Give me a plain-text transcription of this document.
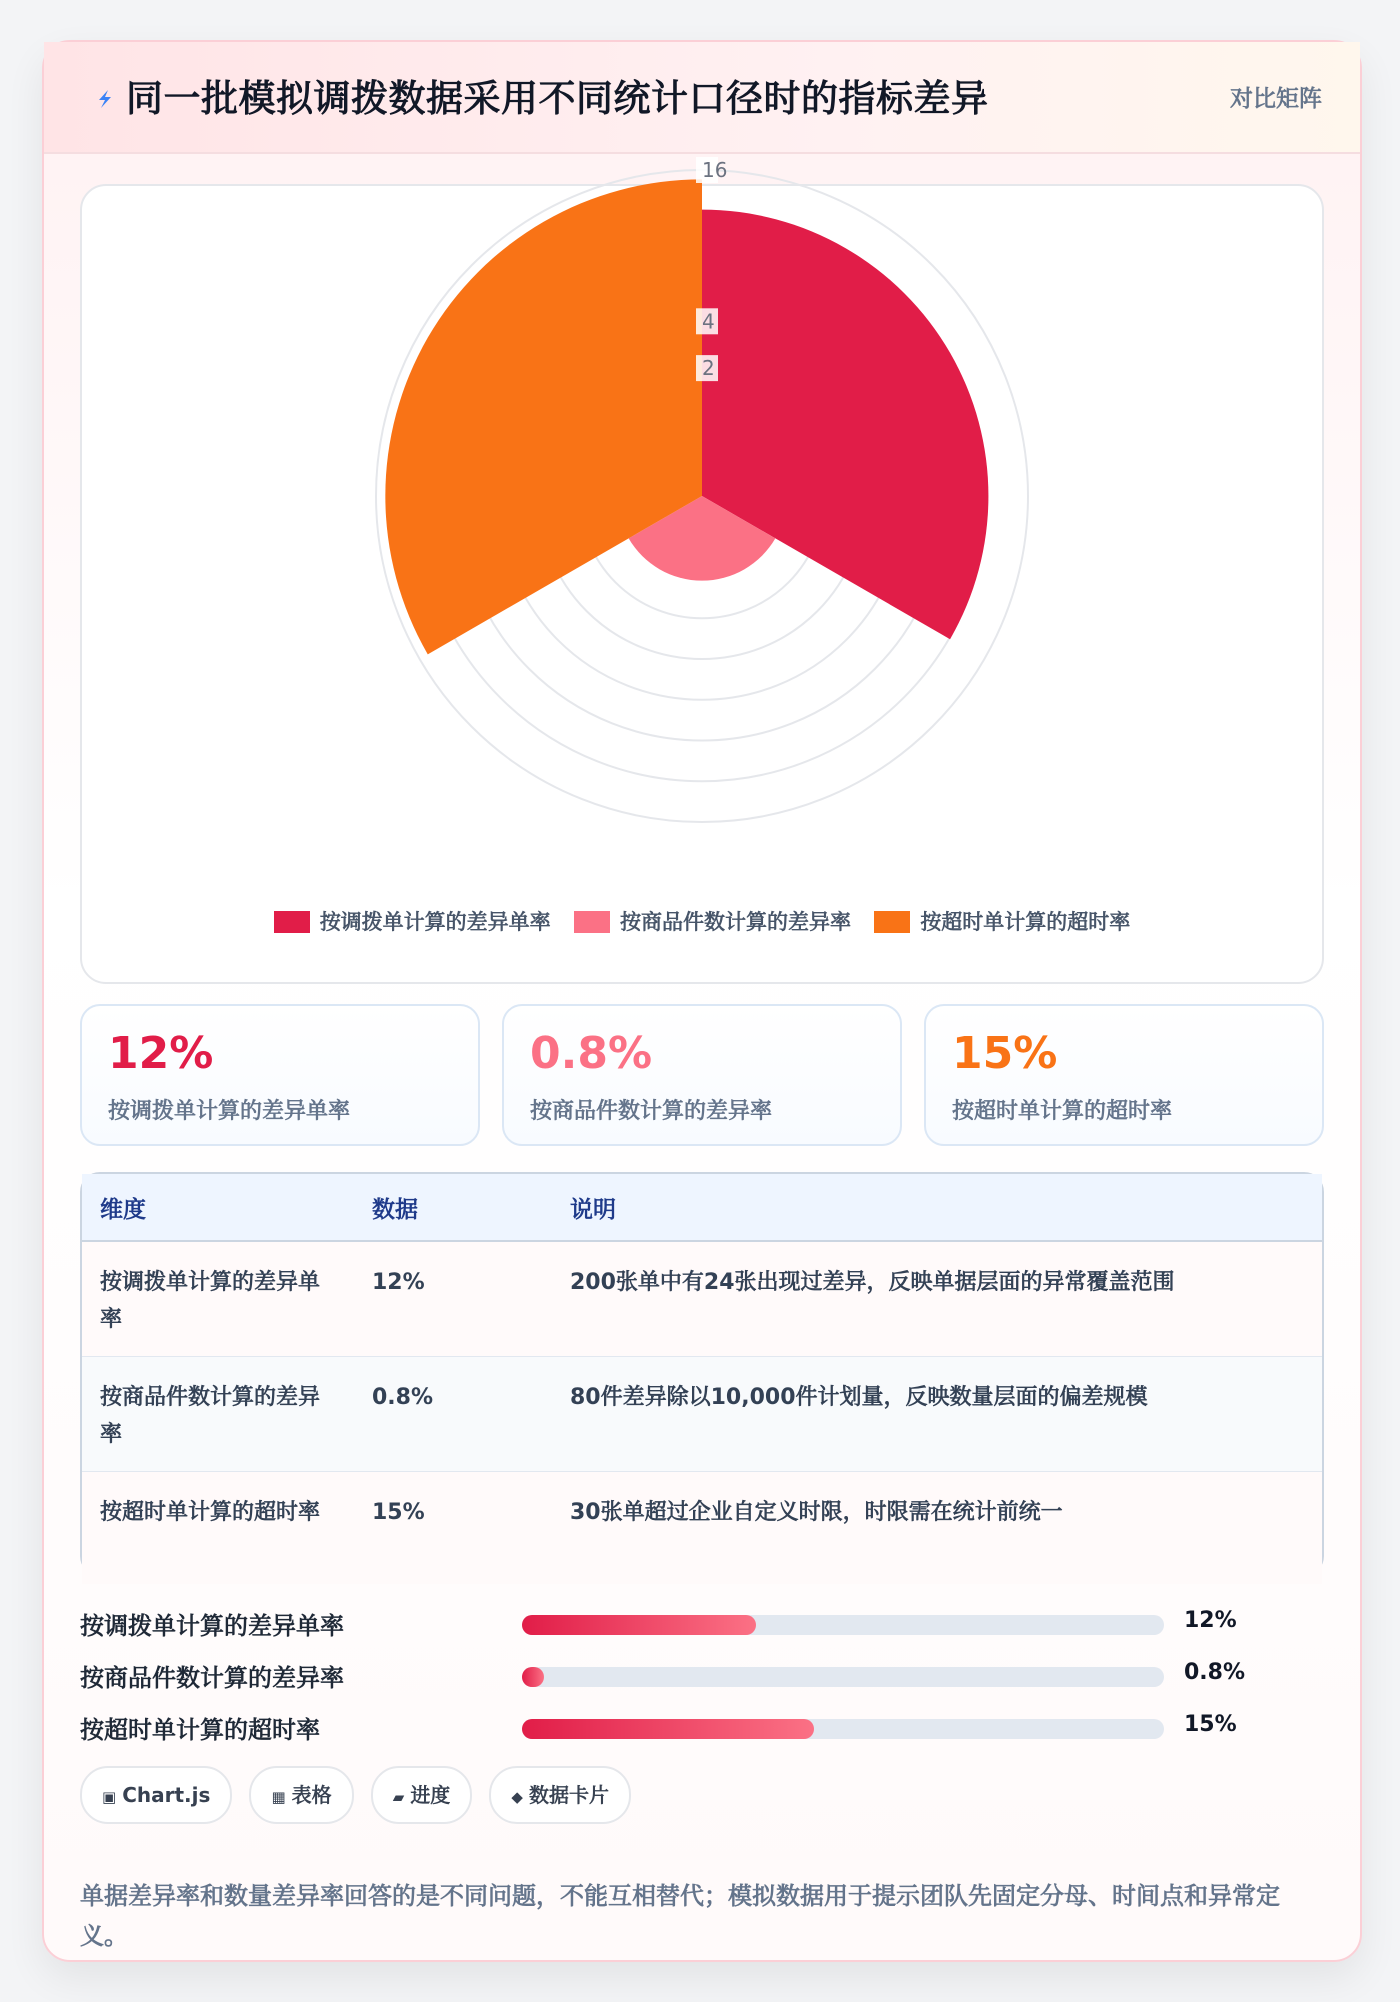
同一批模拟调拨数据采用不同统计口径时的指标差异	对比矩阵
2
4
16
按调拨单计算的差异单率	按商品件数计算的差异率	按超时单计算的超时率
12%
按调拨单计算的差异单率
0.8%
按商品件数计算的差异率
15%
按超时单计算的超时率
维度	数据	说明
按调拨单计算的差异单率	12%	200张单中有24张出现过差异，反映单据层面的异常覆盖范围
按商品件数计算的差异率	0.8%	80件差异除以10,000件计划量，反映数量层面的偏差规模
按超时单计算的超时率	15%	30张单超过企业自定义时限，时限需在统计前统一
按调拨单计算的差异单率	12%
按商品件数计算的差异率	0.8%
按超时单计算的超时率	15%
▣ Chart.js	▦ 表格	▰ 进度	◆ 数据卡片
单据差异率和数量差异率回答的是不同问题，不能互相替代；模拟数据用于提示团队先固定分母、时间点和异常定义。
